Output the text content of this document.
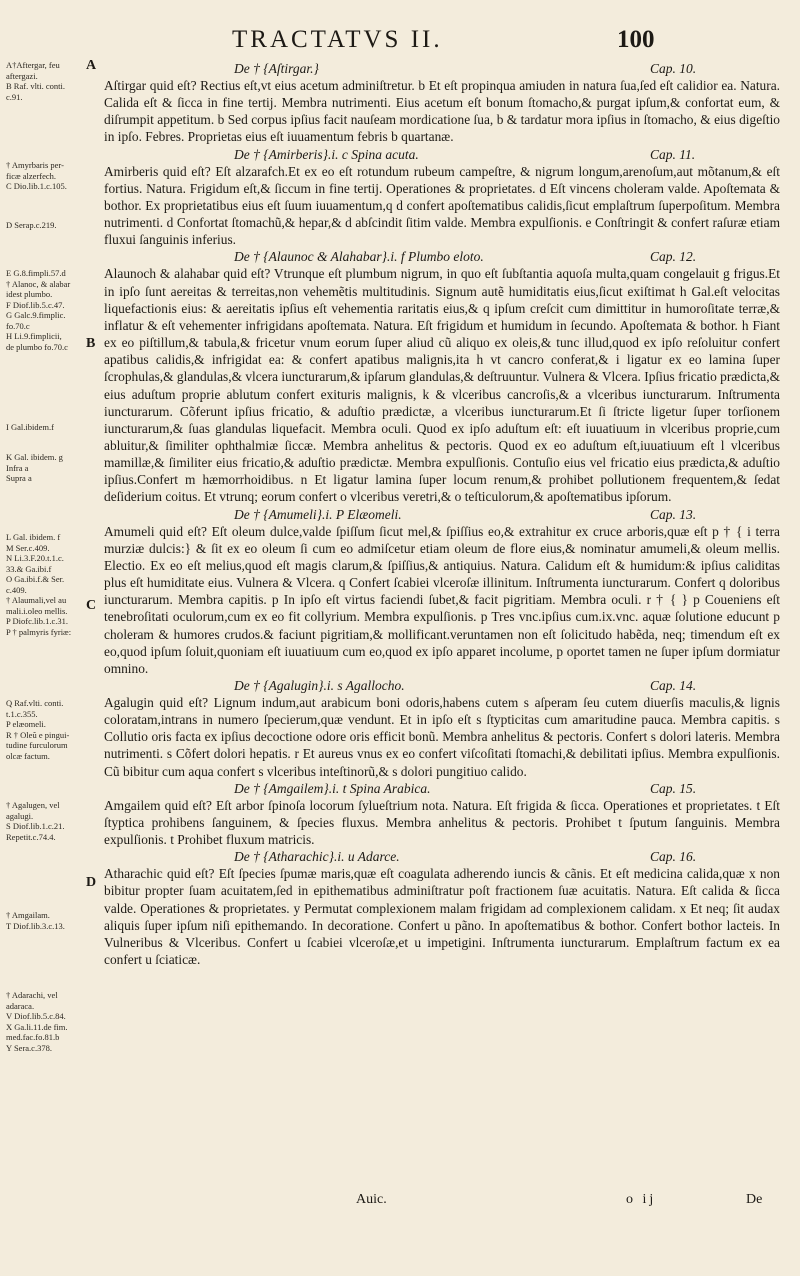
TRACTATVS II.	100
A
B
C
D
A†Aftergar, feu
aftergazi.
B Raf. vlti. conti.
c.91.
† Amyrbaris per-
ficæ alzerfech.
C Dio.lib.1.c.105.
D Serap.c.219.
E G.8.fimpli.57.d
† Alanoc, & alabar
idest plumbo.
F Diof.lib.5.c.47.
G Galc.9.fimplic.
fo.70.c
H Li.9.fimplicii,
de plumbo fo.70.c
I Gal.ibidem.f
K Gal. ibidem. g
Infra a
Supra a
L Gal. ibidem. f
M Ser.c.409.
N Li.3.F.20.t.1.c.
33.& Ga.ibi.f
O Ga.ibi.f.& Ser.
c.409.
† Alaumali,vel au
mali.i.oleo mellis.
P Diofc.lib.1.c.31.
P † palmyris fyriæ:
Q Raf.vlti. conti.
t.1.c.355.
P elæomeli.
R † Oleũ e pingui-
tudine furculorum
olcæ factum.
† Agalugen, vel
agalugi.
S Diof.lib.1.c.21.
Repetit.c.74.4.
† Amgailam.
T Diof.lib.3.c.13.
† Adarachi, vel
adaraca.
V Diof.lib.5.c.84.
X Ga.li.11.de fim.
med.fac.fo.81.b
Y Sera.c.378.
De † {Aſtirgar.}	Cap. 10.

Aſtirgar quid eſt? Rectius eſt,vt eius acetum adminiſtretur. b Et eſt propinqua amiuden in natura ſua,ſed eſt calidior ea. Natura. Calida eſt & ſicca in fine tertij. Membra nutrimenti. Eius acetum eſt bonum ſtomacho,& purgat ipſum,& confortat eum, & diſrumpit appetitum. b Sed corpus ipſius facit nauſeam mordicatione ſua, b & tardatur mora ipſius in ſtomacho, & eius digeſtio in ipſo. Febres. Proprietas eius eſt iuuamentum febris b quartanæ.

De † {Amirberis}.i. c Spina acuta.	Cap. 11.

Amirberis quid eſt? Eſt alzarafch.Et ex eo eſt rotundum rubeum campeſtre, & nigrum longum,arenoſum,aut mõtanum,& eſt fortius. Natura. Frigidum eſt,& ſiccum in fine tertij. Operationes & proprietates. d Eſt vincens choleram valde. Apoſtemata & bothor. Ex proprietatibus eius eſt ſuum iuuamentum,q d confert apoſtematibus calidis,ſicut emplaſtrum ſuperpoſitum. Membra nutrimenti. d Confortat ſtomachũ,& hepar,& d abſcindit ſitim valde. Membra expulſionis. e Conſtringit & confert raſuræ etiam fluxui ſanguinis inferius.

De † {Alaunoc & Alahabar}.i. f Plumbo eloto.	Cap. 12.

Alaunoch & alahabar quid eſt? Vtrunque eſt plumbum nigrum, in quo eſt ſubſtantia aquoſa multa,quam congelauit g frigus.Et in ipſo ſunt aereitas & terreitas,non vehemẽtis multitudinis. Signum autẽ humiditatis eius,ſicut exiſtimat h Gal.eſt velocitas liquefactionis eius: & aereitatis ipſius eſt vehementia raritatis eius,& q ipſum creſcit cum dimittitur in humoroſitate terræ,& inflatur & eſt vehementer infrigidans apoſtemata. Natura. Eſt frigidum et humidum in ſecundo. Apoſtemata & bothor. h Fiant ex eo piſtillum,& tabula,& fricetur vnum eorum ſuper aliud cũ aliquo ex oleis,& tunc illud,quod ex ipſo reſoluitur confert apatibus calidis,& infrigidat ea: & confert apatibus malignis,ita h vt cancro conferat,& i ligatur ex eo lamina ſuper ſcrophulas,& glandulas,& vlcera iuncturarum,& ipſarum glandulas,& deſtruuntur. Vulnera & Vlcera. Ipſius fricatio prædicta,& eius aduſtum proprie ablutum confert exituris malignis, k & vlceribus cancroſis,& a vlceribus iuncturarum. Inſtrumenta iuncturarum. Cõferunt ipſius fricatio, & aduſtio prædictæ, a vlceribus iuncturarum.Et ſi ſtricte ligetur ſuper torſionem iuncturarum,& ſuas glandulas liquefacit. Membra oculi. Quod ex ipſo aduſtum eſt: eſt iuuatiuum in vlceribus proprie,cum abluitur,& ſimiliter ophthalmiæ ſiccæ. Membra anhelitus & pectoris. Quod ex eo aduſtum eſt,iuuatiuum eſt l vlceribus mamillæ,& ſimiliter eius fricatio,& aduſtio prædictæ. Membra expulſionis. Contuſio eius vel fricatio eius prædicta,& aduſtio ipſius.Confert m hæmorrhoidibus. n Et ligatur lamina ſuper locum renum,& prohibet pollutionem frequentem,& ſedat deſiderium coitus. Et vtrunq; eorum confert o vlceribus veretri,& o teſticulorum,& apoſtematibus ipſorum.

De † {Amumeli}.i. P Elæomeli.	Cap. 13.

Amumeli quid eſt? Eſt oleum dulce,valde ſpiſſum ſicut mel,& ſpiſſius eo,& extrahitur ex cruce arboris,quæ eſt p † { i terra murziæ dulcis:} & ſit ex eo oleum ſi cum eo admiſcetur etiam oleum de flore eius,& nominatur amumeli,& oleum mellis. Electio. Ex eo eſt melius,quod eſt magis clarum,& ſpiſſius,& antiquius. Natura. Calidum eſt & humidum:& ipſius caliditas plus eſt humiditate eius. Vulnera & Vlcera. q Confert ſcabiei vlceroſæ illinitum. Inſtrumenta iuncturarum. Confert q doloribus iuncturarum. Membra capitis. p In ipſo eſt virtus faciendi ſubet,& facit pigritiam. Membra oculi. r † { } p Coueniens eſt tenebroſitati oculorum,cum ex eo fit collyrium. Membra expulſionis. p Tres vnc.ipſius cum.ix.vnc. aquæ ſolutione educunt p choleram & humores crudos.& faciunt pigritiam,& mollificant.veruntamen non eſt ſolicitudo habẽda, neq; timendum eſt ex eo,quod ipſum ſoluit,quoniam eſt iuuatiuum cum eo,quod ex ipſo apparet incolume, p oportet tamen ne ſuper ipſum dormiatur omnino.

De † {Agalugin}.i. s Agallocho.	Cap. 14.

Agalugin quid eſt? Lignum indum,aut arabicum boni odoris,habens cutem s aſperam ſeu cutem diuerſis maculis,& lignis coloratam,intrans in numero ſpecierum,quæ vendunt. Et in ipſo eſt s ſtypticitas cum amaritudine pauca. Membra capitis. s Collutio oris facta ex ipſius decoctione odore oris efficit bonũ. Membra anhelitus & pectoris. Confert s dolori lateris. Membra nutrimenti. s Cõfert dolori hepatis. r Et aureus vnus ex eo confert viſcoſitati ſtomachi,& debilitati ipſius. Membra expulſionis. Cũ bibitur cum aqua confert s vlceribus inteſtinorũ,& s dolori pungitiuo calido.

De † {Amgailem}.i. t Spina Arabica.	Cap. 15.

Amgailem quid eſt? Eſt arbor ſpinoſa locorum ſylueſtrium nota. Natura. Eſt frigida & ſicca. Operationes et proprietates. t Eſt ſtyptica prohibens ſanguinem, & ſpecies fluxus. Membra anhelitus & pectoris. Prohibet t ſputum ſanguinis. Membra expulſionis. t Prohibet fluxum matricis.

De † {Atharachic}.i. u Adarce.	Cap. 16.

Atharachic quid eſt? Eſt ſpecies ſpumæ maris,quæ eſt coagulata adherendo iuncis & cãnis. Et eſt medicina calida,quæ x non bibitur propter ſuam acuitatem,ſed in epithematibus adminiſtratur poſt fractionem ſuæ acuitatis. Natura. Eſt calida & ſicca valde. Operationes & proprietates. y Permutat complexionem malam frigidam ad complexionem calidam. x Et neq; ſit audax aliquis ſuper ipſum niſi epithemando. In decoratione. Confert u pãno. In apoſtematibus & bothor. Confert bothor lacteis. In Vulneribus & Vlceribus. Confert u ſcabiei vlceroſæ,et u impetigini. Inſtrumenta iuncturarum. Emplaſtrum factum ex ea confert u ſciaticæ.

Auic.	o ij	De
